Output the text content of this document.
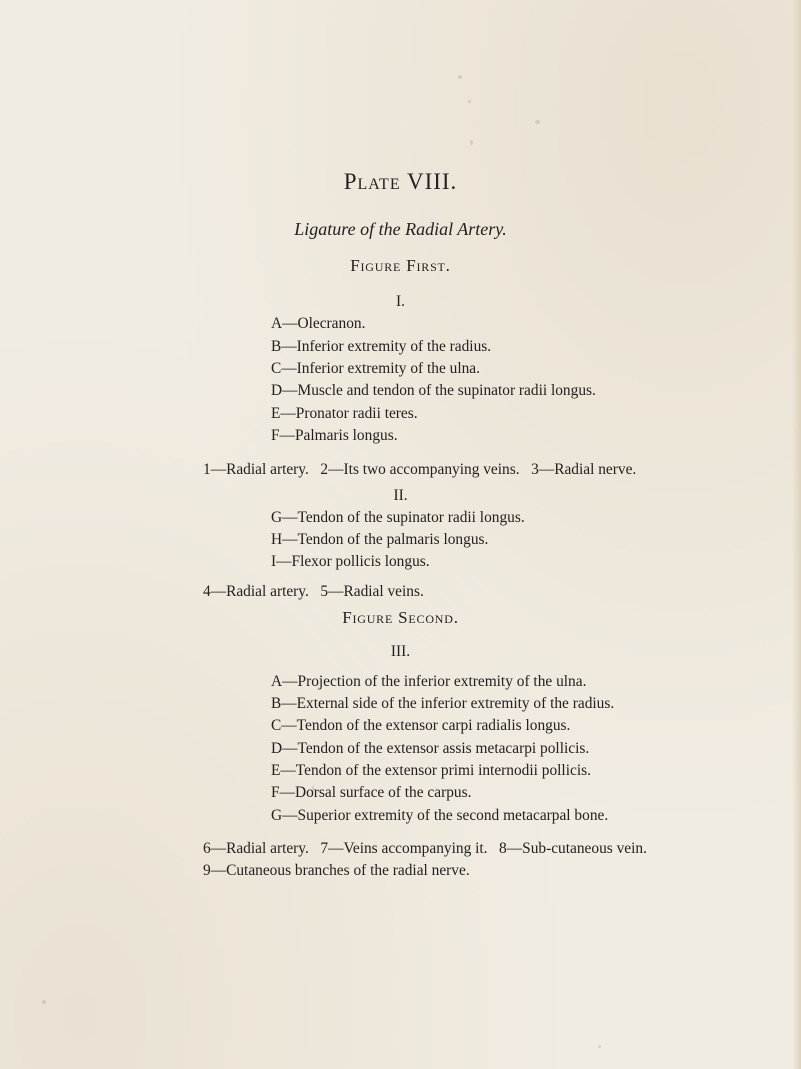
Plate VIII.
Ligature of the Radial Artery.
Figure First.
I.
A—Olecranon.
B—Inferior extremity of the radius.
C—Inferior extremity of the ulna.
D—Muscle and tendon of the supinator radii longus.
E—Pronator radii teres.
F—Palmaris longus.
1—Radial artery.   2—Its two accompanying veins.   3—Radial nerve.
II.
G—Tendon of the supinator radii longus.
H—Tendon of the palmaris longus.
I—Flexor pollicis longus.
4—Radial artery.   5—Radial veins.
Figure Second.
III.
A—Projection of the inferior extremity of the ulna.
B—External side of the inferior extremity of the radius.
C—Tendon of the extensor carpi radialis longus.
D—Tendon of the extensor assis metacarpi pollicis.
E—Tendon of the extensor primi internodii pollicis.
F—Dorsal surface of the carpus.
G—Superior extremity of the second metacarpal bone.
6—Radial artery.   7—Veins accompanying it.   8—Sub-cutaneous vein.
9—Cutaneous branches of the radial nerve.
